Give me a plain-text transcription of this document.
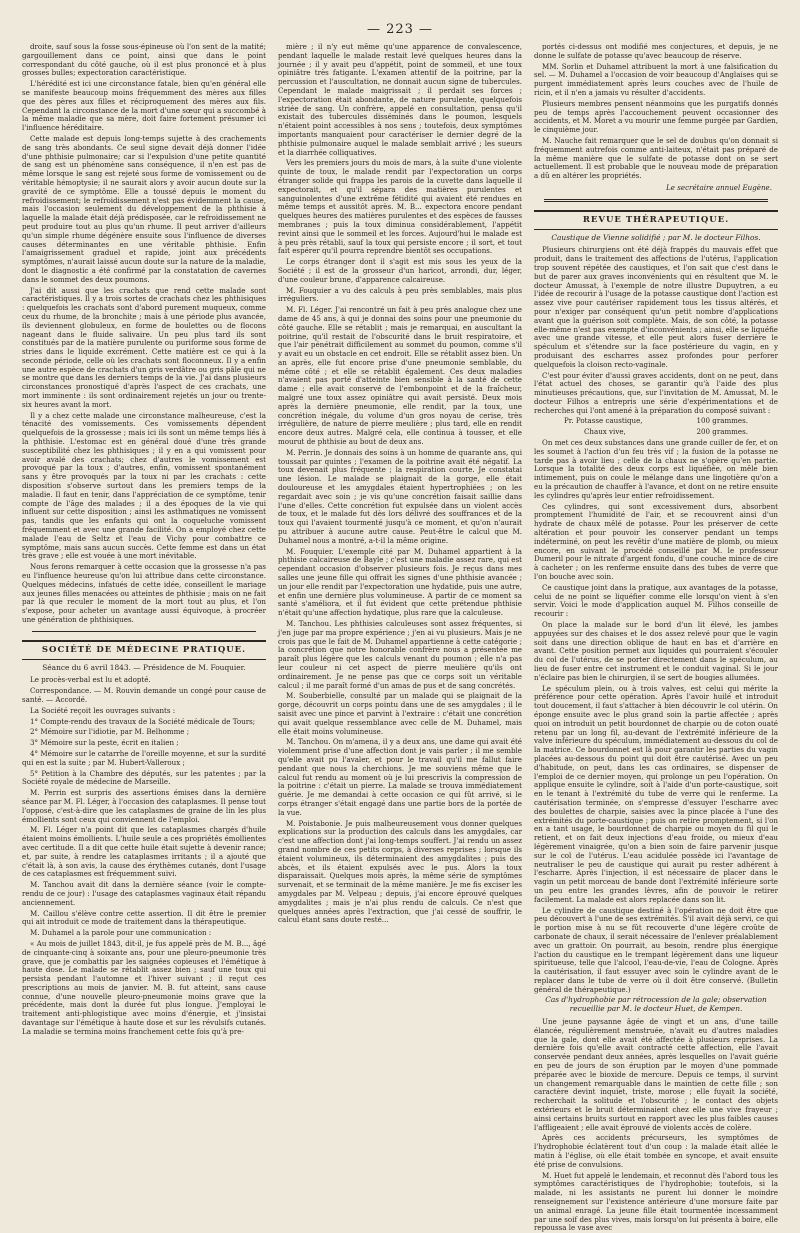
— 223 —

droite, sauf sous la fosse sous-épineuse où l'on sent de la matité; gargouillement dans ce point, ainsi que dans le point correspondant du côté gauche, où il est plus prononcé et à plus grosses bulles; expectoration caractéristique.

L'hérédité est ici une circonstance fatale, bien qu'en général elle se manifeste beaucoup moins fréquemment des mères aux filles que des pères aux filles et réciproquement des mères aux fils. Cependant la circonstance de la mort d'une sœur qui a succombé à la même maladie que sa mère, doit faire fortement présumer ici l'influence héréditaire.

Cette malade est depuis long-temps sujette à des crachements de sang très abondants. Ce seul signe devait déjà donner l'idée d'une phthisie pulmonaire; car si l'expulsion d'une petite quantité de sang est un phénomène sans conséquence, il n'en est pas de même lorsque le sang est rejeté sous forme de vomissement ou de véritable hémoptysie; il ne saurait alors y avoir aucun doute sur la gravité de ce symptôme. Elle a toussé depuis le moment du refroidissement; le refroidissement n'est pas évidemment la cause, mais l'occasion seulement du développement de la phthisie à laquelle la malade était déjà prédisposée, car le refroidissement ne peut produire tout au plus qu'un rhume. Il peut arriver d'ailleurs qu'un simple rhume dégénère ensuite sous l'influence de diverses causes déterminantes en une véritable phthisie. Enfin l'amaigrissement graduel et rapide, joint aux précédents symptômes, n'aurait laissé aucun doute sur la nature de la maladie, dont le diagnostic a été confirmé par la constatation de cavernes dans le sommet des deux poumons.

J'ai dit aussi que les crachats que rend cette malade sont caractéristiques. Il y a trois sortes de crachats chez les phthisiques : quelquefois les crachats sont d'abord purement muqueux, comme ceux du rhume, de la bronchite ; mais à une période plus avancée, ils deviennent globuleux, en forme de boulettes ou de flocons nageant dans le fluide salivaire. Un peu plus tard ils sont constitués par de la matière purulente ou puriforme sous forme de stries dans le liquide excrément. Cette matière est ce qui à la seconde période, celle où les crachats sont floconneux. Il y a enfin une autre espèce de crachats d'un gris verdâtre ou gris pâle qui ne se montre que dans les derniers temps de la vie. J'ai dans plusieurs circonstances pronostiqué d'après l'aspect de ces crachats, une mort imminente : ils sont ordinairement rejetés un jour ou trente-six heures avant la mort.

Il y a chez cette malade une circonstance malheureuse, c'est la ténacité des vomissements. Ces vomissements dépendent quelquefois de la grossesse ; mais ici ils sont un même temps liés à la phthisie. L'estomac est en général doué d'une très grande susceptibilité chez les phthisiques ; il y en a qui vomissent pour avoir avalé des crachats; chez d'autres le vomissement est provoqué par la toux ; d'autres, enfin, vomissent spontanément sans y être provoqués par la toux ni par les crachats : cette disposition s'observe surtout dans les premiers temps de la maladie. Il faut en tenir, dans l'appréciation de ce symptôme, tenir compte de l'âge des malades ; il a des époques de la vie qui influent sur cette disposition ; ainsi les asthmatiques ne vomissent pas, tandis que les enfants qui ont la coqueluche vomissent fréquemment et avec une grande facilité. On a employé chez cette malade l'eau de Seltz et l'eau de Vichy pour combattre ce symptôme, mais sans aucun succès. Cette femme est dans un état très grave ; elle est vouée à une mort inévitable.

Nous ferons remarquer à cette occasion que la grossesse n'a pas eu l'influence heureuse qu'on lui attribue dans cette circonstance. Quelques médecins, infatués de cette idée, conseillent le mariage aux jeunes filles menacées ou atteintes de phthisie ; mais on ne fait par là que reculer le moment de la mort tout au plus, et l'on s'expose, pour acheter un avantage aussi équivoque, à procréer une génération de phthisiques.

SOCIÉTÉ DE MÉDECINE PRATIQUE.
Séance du 6 avril 1843. — Présidence de M. Fouquier.

Le procès-verbal est lu et adopté.

Correspondance. — M. Rouvin demande un congé pour cause de santé. — Accordé.

La Société reçoit les ouvrages suivants :

1° Compte-rendu des travaux de la Société médicale de Tours;

2° Mémoire sur l'idiotie, par M. Belhomme ;

3° Mémoire sur la peste, écrit en italien ;

4° Mémoire sur le catarrhe de l'oreille moyenne, et sur la surdité qui en est la suite ; par M. Hubert-Valleroux ;

5° Petition à la Chambre des députés, sur les patentes ; par la Société royale de médecine de Marseille.

M. Perrin est surpris des assertions émises dans la dernière séance par M. Fl. Léger, à l'occasion des cataplasmes. Il pense tout l'opposé, c'est-à-dire que les cataplasmes de graine de lin les plus émollients sont ceux qui conviennent de l'emploi.

M. Fl. Léger n'a point dit que les cataplasmes chargés d'huile étaient moins émollients. L'huile seule a ces propriétés émollientes avec certitude. Il a dit que cette huile était sujette à devenir rance; et, par suite, à rendre les cataplasmes irritants ; il a ajouté que c'était là, à son avis, la cause des érythèmes cutanés, dont l'usage de ces cataplasmes est fréquemment suivi.

M. Tanchou avait dit dans la dernière séance (voir le compte-rendu de ce jour) : l'usage des cataplasmes vaginaux était répandu anciennement.

M. Caillou s'élève contre cette assertion. Il dit être le premier qui ait introduit ce mode de traitement dans la thérapeutique.

M. Duhamel a la parole pour une communication :

« Au mois de juillet 1843, dit-il, je fus appelé près de M. B..., âgé de cinquante-cinq à soixante ans, pour une pleuro-pneumonie très grave, que je combattis par les saignées copieuses et l'émétique à haute dose. Le malade se rétablit assez bien ; sauf une toux qui persista pendant l'automne et l'hiver suivant ; il reçut ces prescriptions au mois de janvier. M. B. fut atteint, sans cause connue, d'une nouvelle pleuro-pneumonie moins grave que la précédente, mais dont la durée fut plus longue. J'employai le traitement anti-phlogistique avec moins d'énergie, et j'insistai davantage sur l'émétique à haute dose et sur les révulsifs cutanés. La maladie se termina moins franchement cette fois qu'à pre-

mière ; il n'y eut même qu'une apparence de convalescence, pendant laquelle le malade restait levé quelques heures dans la journée ; il y avait peu d'appétit, point de sommeil, et une toux opiniâtre très fatigante. L'examen attentif de la poitrine, par la percussion et l'auscultation, ne donnait aucun signe de tubercules. Cependant le malade maigrissait ; il perdait ses forces ; l'expectoration était abondante, de nature purulente, quelquefois striée de sang. Un confrère, appelé en consultation, pensa qu'il existait des tubercules disséminés dans le poumon, lesquels n'étaient point accessibles à nos sens ; toutefois, deux symptômes importants manquaient pour caractériser le dernier degré de la phthisie pulmonaire auquel le malade semblait arrivé ; les sueurs et la diarrhée colliquatives.

Vers les premiers jours du mois de mars, à la suite d'une violente quinte de toux, le malade rendit par l'expectoration un corps étranger solide qui frappa les parois de la cuvette dans laquelle il expectorait, et qu'il sépara des matières purulentes et sanguinolentes d'une extrême fétidité qui avaient été rendues en même temps et aussitôt après. M. B... expectora encore pendant quelques heures des matières purulentes et des espèces de fausses membranes ; puis la toux diminua considérablement, l'appétit revint ainsi que le sommeil et les forces. Aujourd'hui le malade est à peu près rétabli, sauf la toux qui persiste encore ; il sort, et tout fait espérer qu'il pourra reprendre bientôt ses occupations.

Le corps étranger dont il s'agit est mis sous les yeux de la Société ; il est de la grosseur d'un haricot, arrondi, dur, léger, d'une couleur brune, d'apparence calcaireuse.

M. Fouquier a vu des calculs à peu près semblables, mais plus irréguliers.

M. Fl. Léger. J'ai rencontré un fait à peu près analogue chez une dame de 45 ans, à qui je donnai des soins pour une pneumonie du côté gauche. Elle se rétablit ; mais je remarquai, en auscultant la poitrine, qu'il restait de l'obscurité dans le bruit respiratoire, et que l'air pénétrait difficilement au sommet du poumon, comme s'il y avait eu un obstacle en cet endroit. Elle se rétablit assez bien. Un an après, elle fut encore prise d'une pneumonie semblable, du même côté ; et elle se rétablit également. Ces deux maladies n'avaient pas porté d'atteinte bien sensible à la santé de cette dame ; elle avait conservé de l'embonpoint et de la fraîcheur, malgré une toux assez opiniâtre qui avait persisté. Deux mois après la dernière pneumonie, elle rendit, par la toux, une concrétion inégale, du volume d'un gros noyau de cerise, très irrégulière, de nature de pierre meulière ; plus tard, elle en rendit encore deux autres. Malgré cela, elle continua à tousser, et elle mourut de phthisie au bout de deux ans.

M. Perrin. Je donnais des soins à un homme de quarante ans, qui toussait par quintes ; l'examen de la poitrine avait été négatif. La toux devenait plus fréquente ; la respiration courte. Je constatai une lésion. Le malade se plaignait de la gorge, elle était douloureuse et les amygdales étaient hypertrophiées ; on les regardait avec soin ; je vis qu'une concrétion faisait saillie dans l'une d'elles. Cette concrétion fut expulsée dans un violent accès de toux, et le malade fut dès lors délivré des souffrances et de la toux qui l'avaient tourmenté jusqu'à ce moment, et qu'on n'aurait pu attribuer à aucune autre cause. Peut-être le calcul que M. Duhamel nous a montré, a-t-il la même origine.

M. Fouquier. L'exemple cité par M. Duhamel appartient à la phthisie calcaireuse de Bayle ; c'est une maladie assez rare, qui est cependant occasion d'observer plusieurs fois. Je reçus dans mes salles une jeune fille qui offrait les signes d'une phthisie avancée ; un jour elle rendit par l'expectoration une hydatide, puis une autre, et enfin une dernière plus volumineuse. A partir de ce moment sa santé s'améliora, et il fut évident que cette prétendue phthisie n'était qu'une affection hydatique, plus rare que la calculeuse.

M. Tanchou. Les phthisies calculeuses sont assez fréquentes, si j'en juge par ma propre expérience ; j'en ai vu plusieurs. Mais je ne crois pas que le fait de M. Duhamel appartienne à cette catégorie ; la concrétion que notre honorable confrère nous a présentée me paraît plus légère que les calculs venant du poumon ; elle n'a pas leur couleur ni cet aspect de pierre meulière qu'ils ont ordinairement. Je ne pense pas que ce corps soit un véritable calcul ; il me paraît formé d'un amas de pus et de sang concrétés.

M. Souberbielle, consulté par un malade qui se plaignait de la gorge, découvrit un corps pointu dans une de ses amygdales ; il le saisit avec une pince et parvint à l'extraire : c'était une concrétion qui avait quelque ressemblance avec celle de M. Duhamel, mais elle était moins volumineuse.

M. Tanchou. On m'amena, il y a deux ans, une dame qui avait été violemment prise d'une affection dont je vais parler ; il me semble qu'elle avait pu l'avaler, et pour le travail qu'il me fallut faire pendant que nous la cherchions. Je me souviens même que le calcul fut rendu au moment où je lui prescrivis la compression de la poitrine : c'était un pierre. La malade se trouva immédiatement guérie. Je me demandai à cette occasion ce qui fût arrivé, si le corps étranger s'était engagé dans une partie bors de la portée de la vue.

M. Poistabonie. Je puis malheureusement vous donner quelques explications sur la production des calculs dans les amygdales, car c'est une affection dont j'ai long-temps souffert. J'ai rendu un assez grand nombre de ces petits corps, à diverses reprises ; lorsque ils étaient volumineux, ils déterminaient des amygdalites ; puis des abcès, et ils étaient expulsés avec le pus. Alors la toux disparaissait. Quelques mois après, la même série de symptômes survenait, et se terminait de la même manière. Je me fis exciser les amygdales par M. Velpeau ; depuis, j'ai encore éprouvé quelques amygdalites ; mais je n'ai plus rendu de calculs. Ce n'est que quelques années après l'extraction, que j'ai cessé de souffrir, le calcul étant sans doute resté...

portés ci-dessus ont modifié mes conjectures, et depuis, je ne donne le sulfate de potasse qu'avec beaucoup de réserve.

MM. Sorlin et Duhamel attribuent la mort à une falsification du sel. — M. Duhamel a l'occasion de voir beaucoup d'Anglaises qui se purgent immédiatement après leurs couches avec de l'huile de ricin, et il n'en a jamais vu résulter d'accidents.

Plusieurs membres pensent néanmoins que les purgatifs donnés peu de temps après l'accouchement peuvent occasionner des accidents, et M. Moret a vu mourir une femme purgée par Gardien, le cinquième jour.

M. Nauche fait remarquer que le sel de doubus qu'on donnait si fréquemment autrefois comme anti-laiteux, n'était pas préparé de la même manière que le sulfate de potasse dont on se sert actuellement. Il est probable que le nouveau mode de préparation a dû en altérer les propriétés.

Le secrétaire annuel Eugène.
REVUE THÉRAPEUTIQUE.
Caustique de Vienne solidifié ; par M. le docteur Filhos.

Plusieurs chirurgiens ont été déjà frappés du mauvais effet que produit, dans le traitement des affections de l'utérus, l'application trop souvent répétée des caustiques, et l'on sait que c'est dans le but de parer aux graves inconvénients qui en résultent que M. le docteur Amussat, à l'exemple de notre illustre Dupuytren, a eu l'idée de recourir à l'usage de la potasse caustique dont l'action est assez vive pour cautériser rapidement tous les tissus altérés, et pour n'exiger par conséquent qu'un petit nombre d'applications avant que la guérison soit complète. Mais, de son côté, la potasse elle-même n'est pas exempte d'inconvénients ; ainsi, elle se liquéfie avec une grande vitesse, et elle peut alors fuser derrière le spéculum et s'étendre sur la face postérieure du vagin, en y produisant des escharres assez profondes pour perforer quelquefois la cloison recto-vaginale.

C'est pour éviter d'aussi graves accidents, dont on ne peut, dans l'état actuel des choses, se garantir qu'à l'aide des plus minutieuses précautions, que, sur l'invitation de M. Amussat, M. le docteur Filhos a entrepris une série d'expérimentations et de recherches qui l'ont amené à la préparation du composé suivant :

Pr. Potasse caustique,	100 grammes.
Chaux vive,	200 grammes.

On met ces deux substances dans une grande cuiller de fer, et on les soumet à l'action d'un feu très vif ; la fusion de la potasse ne tarde pas à avoir lieu ; celle de la chaux ne s'opère qu'en partie. Lorsque la totalité des deux corps est liquéfiée, on mêle bien intimement, puis on coule le mélange dans une lingotière qu'on a eu la précaution de chauffer à l'avance, et dont on ne retire ensuite les cylindres qu'après leur entier refroidissement.

Ces cylindres, qui sont excessivement durs, absorbent promptement l'humidité de l'air, et se recouvrent ainsi d'un hydrate de chaux mêlé de potasse. Pour les préserver de cette altération et pour pouvoir les conserver pendant un temps indéterminé, on peut les revêtir d'une matière de plomb, ou mieux encore, en suivant le procédé conseillé par M. le professeur Dumeril pour le nitrate d'argent fondu, d'une couche mince de cire à cacheter ; on les renferme ensuite dans des tubes de verre que l'on bouche avec soin.

Ce caustique joint dans la pratique, aux avantages de la potasse, celui de ne point se liquéfier comme elle lorsqu'on vient à s'en servir. Voici le mode d'application auquel M. Filhos conseille de recourir :

On place la malade sur le bord d'un lit élevé, les jambes appuyées sur des chaises et le dos assez relevé pour que le vagin soit dans une direction oblique de haut en bas et d'arrière en avant. Cette position permet aux liquides qui pourraient s'écouler du col de l'utérus, de se porter directement dans le spéculum, au lieu de fuser entre cet instrument et le conduit vaginal. Si le jour n'éclaire pas bien le chirurgien, il se sert de bougies allumées.

Le spéculum plein, ou à trois valves, est celui qui mérite la préférence pour cette opération. Après l'avoir huilé et introduit tout doucement, il faut s'attacher à bien découvrir le col utérin. On éponge ensuite avec le plus grand soin la partie affectée ; après quoi on introduit un petit bourdonnet de charpie ou de coton ouaté retenu par un long fil, au-devant de l'extrémité inférieure de la valve inférieure du spéculum, immédiatement au-dessous du col de la matrice. Ce bourdonnet est là pour garantir les parties du vagin placées au-dessous du point qui doit être cautérisé. Avec un peu d'habitude, on peut, dans les cas ordinaires, se dispenser de l'emploi de ce dernier moyen, qui prolonge un peu l'opération. On applique ensuite le cylindre, soit à l'aide d'un porte-caustique, soit en le tenant à l'extrémité du tube de verre qui le renferme. La cautérisation terminée, on s'empresse d'essuyer l'escharre avec des boulettes de charpie, saisies avec la pince placée à l'une des extrémités du porte-caustique ; puis on retire promptement, si l'on en a tant usage, le bourdonnet de charpie ou moyen du fil qui le retient, et on fait deux injections d'eau froide, ou mieux d'eau légèrement vinaigrée, qu'on a bien soin de faire parvenir jusque sur le col de l'utérus. L'eau acidulée possède ici l'avantage de neutraliser le peu de caustique qui aurait pu rester adhérent à l'escharre. Après l'injection, il est nécessaire de placer dans le vagin un petit morceau de bande dont l'extrémité inférieure sorte un peu entre les grandes lèvres, afin de pouvoir le retirer facilement. La malade est alors replacée dans son lit.

Le cylindre de caustique destiné à l'opération ne doit être que peu découvert à l'une de ses extrémités. S'il avait déjà servi, ce qui le portion mise à nu se fût recouverte d'une légère croûte de carbonate de chaux, il serait nécessaire de l'enlever préalablement avec un grattoir. On pourrait, au besoin, rendre plus énergique l'action du caustique en le trempant légèrement dans une liqueur spiritueuse, telle que l'alcool, l'eau-de-vie, l'eau de Cologne. Après la cautérisation, il faut essuyer avec soin le cylindre avant de le replacer dans le tube de verre où il doit être conservé. (Bulletin général de thérapeutique.)

Cas d'hydrophobie par rétrocession de la gale; observation recueillie par M. le docteur Huet, de Kempen.

Une jeune paysanne âgée de vingt et un ans, d'une taille élancée, régulièrement menstruée, n'avait eu d'autres maladies que la gale, dont elle avait été affectée à plusieurs reprises. La dernière fois qu'elle avait contracté cette affection, elle l'avait conservée pendant deux années, après lesquelles on l'avait guérie en peu de jours de son éruption par le moyen d'une pommade préparée avec le bioxide de mercure. Depuis ce temps, il survint un changement remarquable dans le maintien de cette fille ; son caractère devint inquiet, triste, morose ; elle fuyait la société, recherchait la solitude et l'obscurité ; le contact des objets extérieurs et le bruit déterminaient chez elle une vive frayeur ; ainsi certains bruits surtout en rapport avec les plus faibles causes l'affligeaient ; elle avait éprouvé de violents accès de colère.

Après ces accidents précurseurs, les symptômes de l'hydrophobie éclatèrent tout d'un coup : la malade était allée le matin à l'église, où elle était tombée en syncope, et avait ensuite été prise de convulsions.

M. Huet fut appelé le lendemain, et reconnut dès l'abord tous les symptômes caractéristiques de l'hydrophobie; toutefois, si la malade, ni les assistants ne purent lui donner le moindre renseignement sur l'existence antérieure d'une morsure faite par un animal enragé. La jeune fille était tourmentée incessamment par une soif des plus vives, mais lorsqu'on lui présenta à boire, elle repoussa le vase avec
